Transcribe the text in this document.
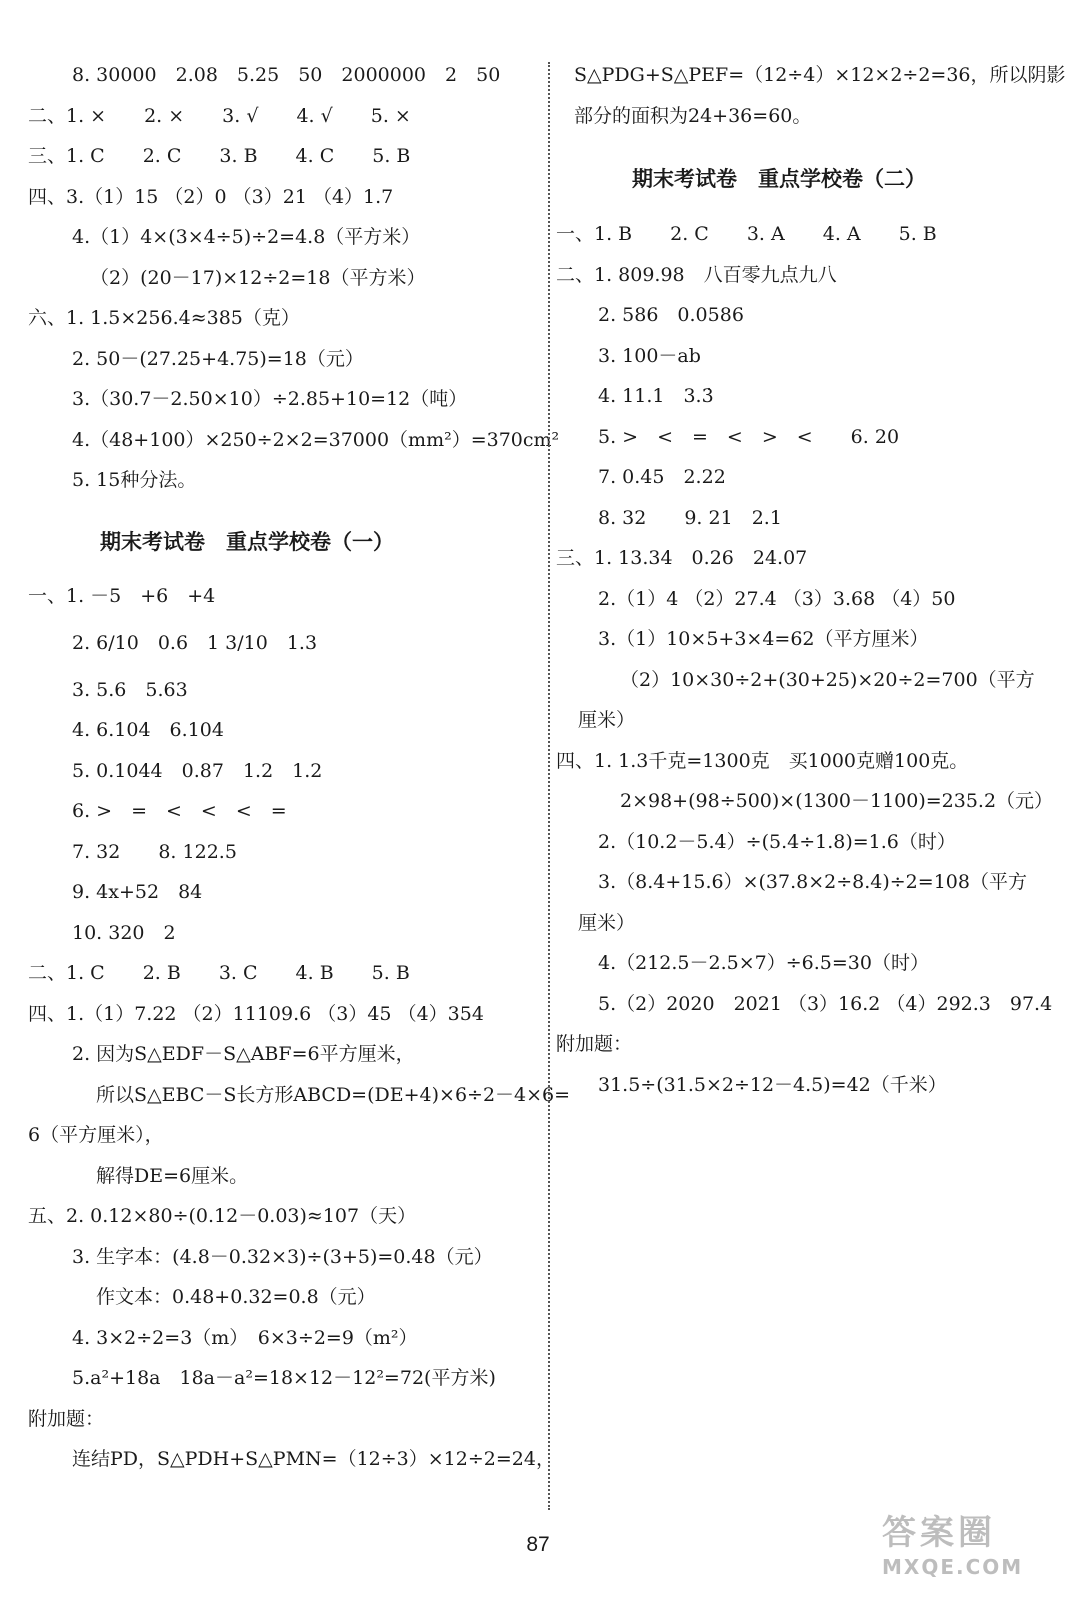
8. 30000　2.08　5.25　50　2000000　2　50
二、1. ×　　2. ×　　3. √　　4. √　　5. ×
三、1. C　　2. C　　3. B　　4. C　　5. B
四、3.（1）15 （2）0 （3）21 （4）1.7
4.（1）4×(3×4÷5)÷2=4.8（平方米）
（2）(20－17)×12÷2=18（平方米）
六、1. 1.5×256.4≈385（克）
2. 50－(27.25+4.75)=18（元）
3.（30.7－2.50×10）÷2.85+10=12（吨）
4.（48+100）×250÷2×2=37000（mm²）=370cm²
5. 15种分法。
期末考试卷　重点学校卷（一）
一、1. －5　+6　+4
2. 6/10　0.6　1 3/10　1.3
3. 5.6　5.63
4. 6.104̇　6.104
5. 0.1044　0.87　1.2　1.2
6. >　=　<　<　<　=
7. 32　　8. 122.5
9. 4x+52　84
10. 320　2
二、1. C　　2. B　　3. C　　4. B　　5. B
四、1.（1）7.22 （2）11109.6 （3）45 （4）354
2. 因为S△EDF－S△ABF=6平方厘米，
所以S△EBC－S长方形ABCD=(DE+4)×6÷2－4×6=
6（平方厘米），
解得DE=6厘米。
五、2. 0.12×80÷(0.12－0.03)≈107（天）
3. 生字本：(4.8－0.32×3)÷(3+5)=0.48（元）
作文本：0.48+0.32=0.8（元）
4. 3×2÷2=3（m）　6×3÷2=9（m²）
5.a²+18a　18a－a²=18×12－12²=72(平方米)
附加题：
连结PD，S△PDH+S△PMN=（12÷3）×12÷2=24，
S△PDG+S△PEF=（12÷4）×12×2÷2=36，所以阴影
部分的面积为24+36=60。
期末考试卷　重点学校卷（二）
一、1. B　　2. C　　3. A　　4. A　　5. B
二、1. 809.98　八百零九点九八
2. 586　0.0586
3. 100－ab
4. 11.1　3.3̇
5. >　<　=　<　>　<　　6. 20
7. 0.45　2.22
8. 32　　9. 21　2.1
三、1. 13.34　0.26　24.07
2.（1）4 （2）27.4 （3）3.68 （4）50
3.（1）10×5+3×4=62（平方厘米）
（2）10×30÷2+(30+25)×20÷2=700（平方
厘米）
四、1. 1.3千克=1300克　买1000克赠100克。
2×98+(98÷500)×(1300－1100)=235.2（元）
2.（10.2－5.4）÷(5.4÷1.8)=1.6（时）
3.（8.4+15.6）×(37.8×2÷8.4)÷2=108（平方
厘米）
4.（212.5－2.5×7）÷6.5=30（时）
5.（2）2020　2021 （3）16.2 （4）292.3　97.4
附加题：
31.5÷(31.5×2÷12－4.5)=42（千米）
87	答案圈
MXQE.COM
